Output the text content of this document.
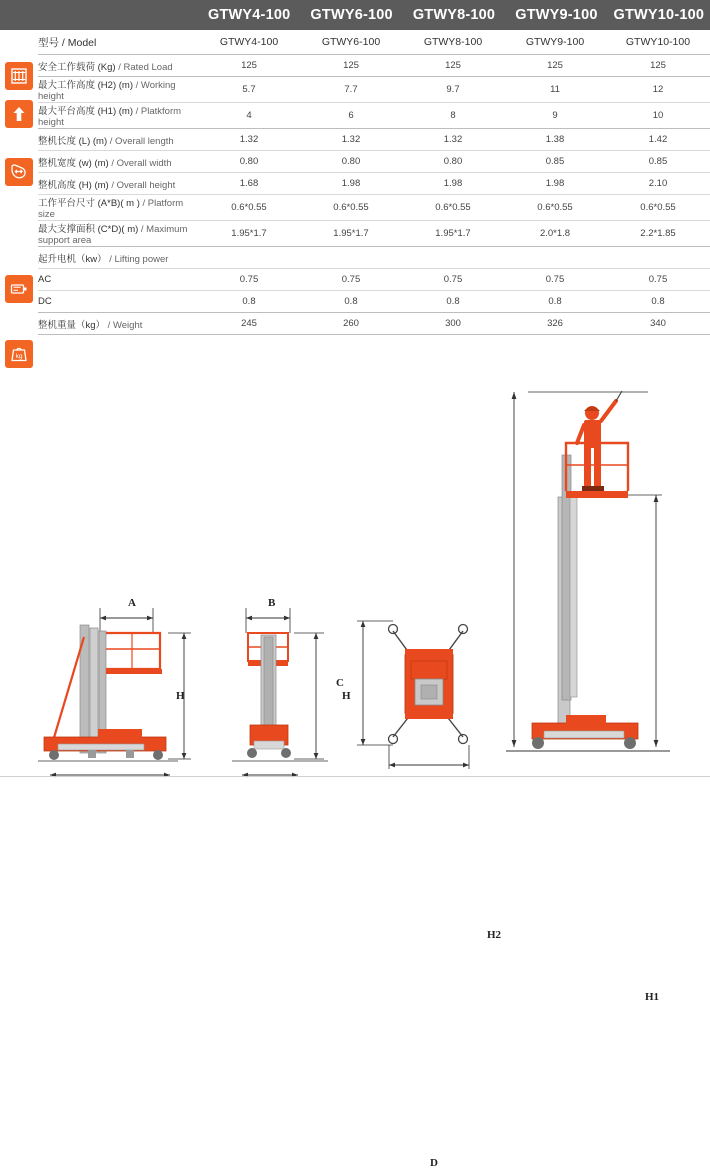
GTWY4-100	GTWY6-100	GTWY8-100	GTWY9-100	GTWY10-100
kg
型号 / Model	GTWY4-100	GTWY6-100	GTWY8-100	GTWY9-100	GTWY10-100

安全工作载荷 (Kg) / Rated Load	125	125	125	125	125

最大工作高度 (H2) (m) / Working height	5.7	7.7	9.7	11	12

最大平台高度 (H1) (m) / Platkform height	4	6	8	9	10

整机长度 (L) (m) / Overall length	1.32	1.32	1.32	1.38	1.42

整机宽度 (w) (m) / Overall width	0.80	0.80	0.80	0.85	0.85

整机高度 (H) (m) / Overall height	1.68	1.98	1.98	1.98	2.10

工作平台尺寸 (A*B)( m ) / Platform size	0.6*0.55	0.6*0.55	0.6*0.55	0.6*0.55	0.6*0.55

最大支撑面积 (C*D)( m) / Maximum support area	1.95*1.7	1.95*1.7	1.95*1.7	2.0*1.8	2.2*1.85

起升电机（kw） / Lifting power					

AC	0.75	0.75	0.75	0.75	0.75

DC	0.8	0.8	0.8	0.8	0.8

整机重量（kg） / Weight	245	260	300	326	340

A
H
B
H
C
D
H2
H1
